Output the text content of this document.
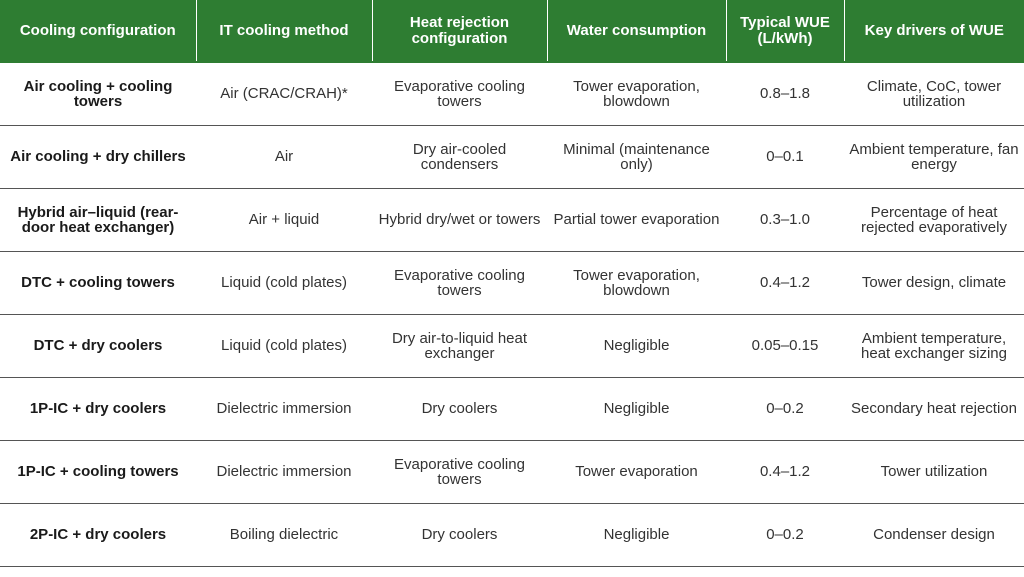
Cooling configuration	IT cooling method	Heat rejection configuration	Water consumption	Typical WUE (L/kWh)	Key drivers of WUE
Air cooling + cooling towers	Air (CRAC/CRAH)*	Evaporative cooling towers	Tower evaporation, blowdown	0.8–1.8	Climate, CoC, tower utilization
Air cooling + dry chillers	Air	Dry air-cooled condensers	Minimal (maintenance only)	0–0.1	Ambient temperature, fan energy
Hybrid air–liquid (rear-door heat exchanger)	Air + liquid	Hybrid dry/wet or towers	Partial tower evaporation	0.3–1.0	Percentage of heat rejected evaporatively
DTC + cooling towers	Liquid (cold plates)	Evaporative cooling towers	Tower evaporation, blowdown	0.4–1.2	Tower design, climate
DTC + dry coolers	Liquid (cold plates)	Dry air-to-liquid heat exchanger	Negligible	0.05–0.15	Ambient temperature, heat exchanger sizing
1P-IC + dry coolers	Dielectric immersion	Dry coolers	Negligible	0–0.2	Secondary heat rejection
1P-IC + cooling towers	Dielectric immersion	Evaporative cooling towers	Tower evaporation	0.4–1.2	Tower utilization
2P-IC + dry coolers	Boiling dielectric	Dry coolers	Negligible	0–0.2	Condenser design
